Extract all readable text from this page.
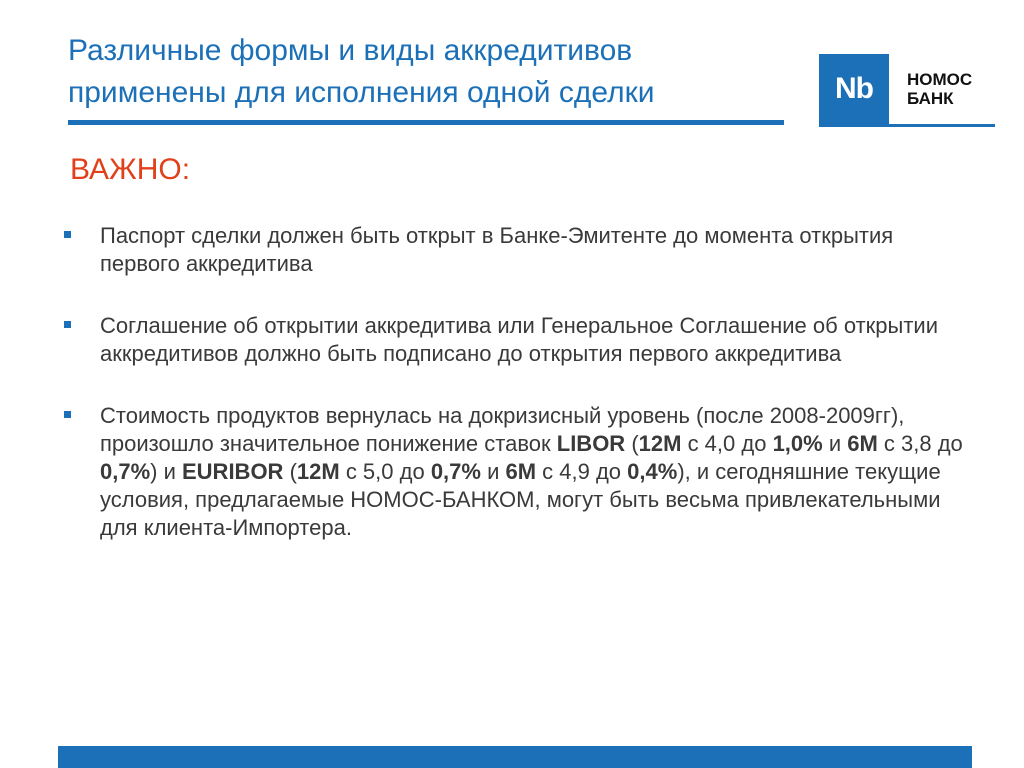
Различные формы и виды аккредитивов
применены для исполнения одной сделки	Nb	НОМОС
БАНК
ВАЖНО:
Паспорт сделки должен быть открыт в Банке-Эмитенте до момента открытия первого аккредитива
Соглашение об открытии аккредитива или Генеральное Соглашение об открытии аккредитивов должно быть подписано до открытия первого аккредитива
Стоимость продуктов вернулась на докризисный уровень (после 2008-2009гг), произошло значительное понижение ставок LIBOR (12M с 4,0 до 1,0% и 6M с 3,8 до 0,7%) и EURIBOR (12M с 5,0 до 0,7% и 6M с 4,9 до 0,4%), и сегодняшние текущие условия, предлагаемые НОМОС-БАНКОМ, могут быть весьма привлекательными для клиента-Импортера.
